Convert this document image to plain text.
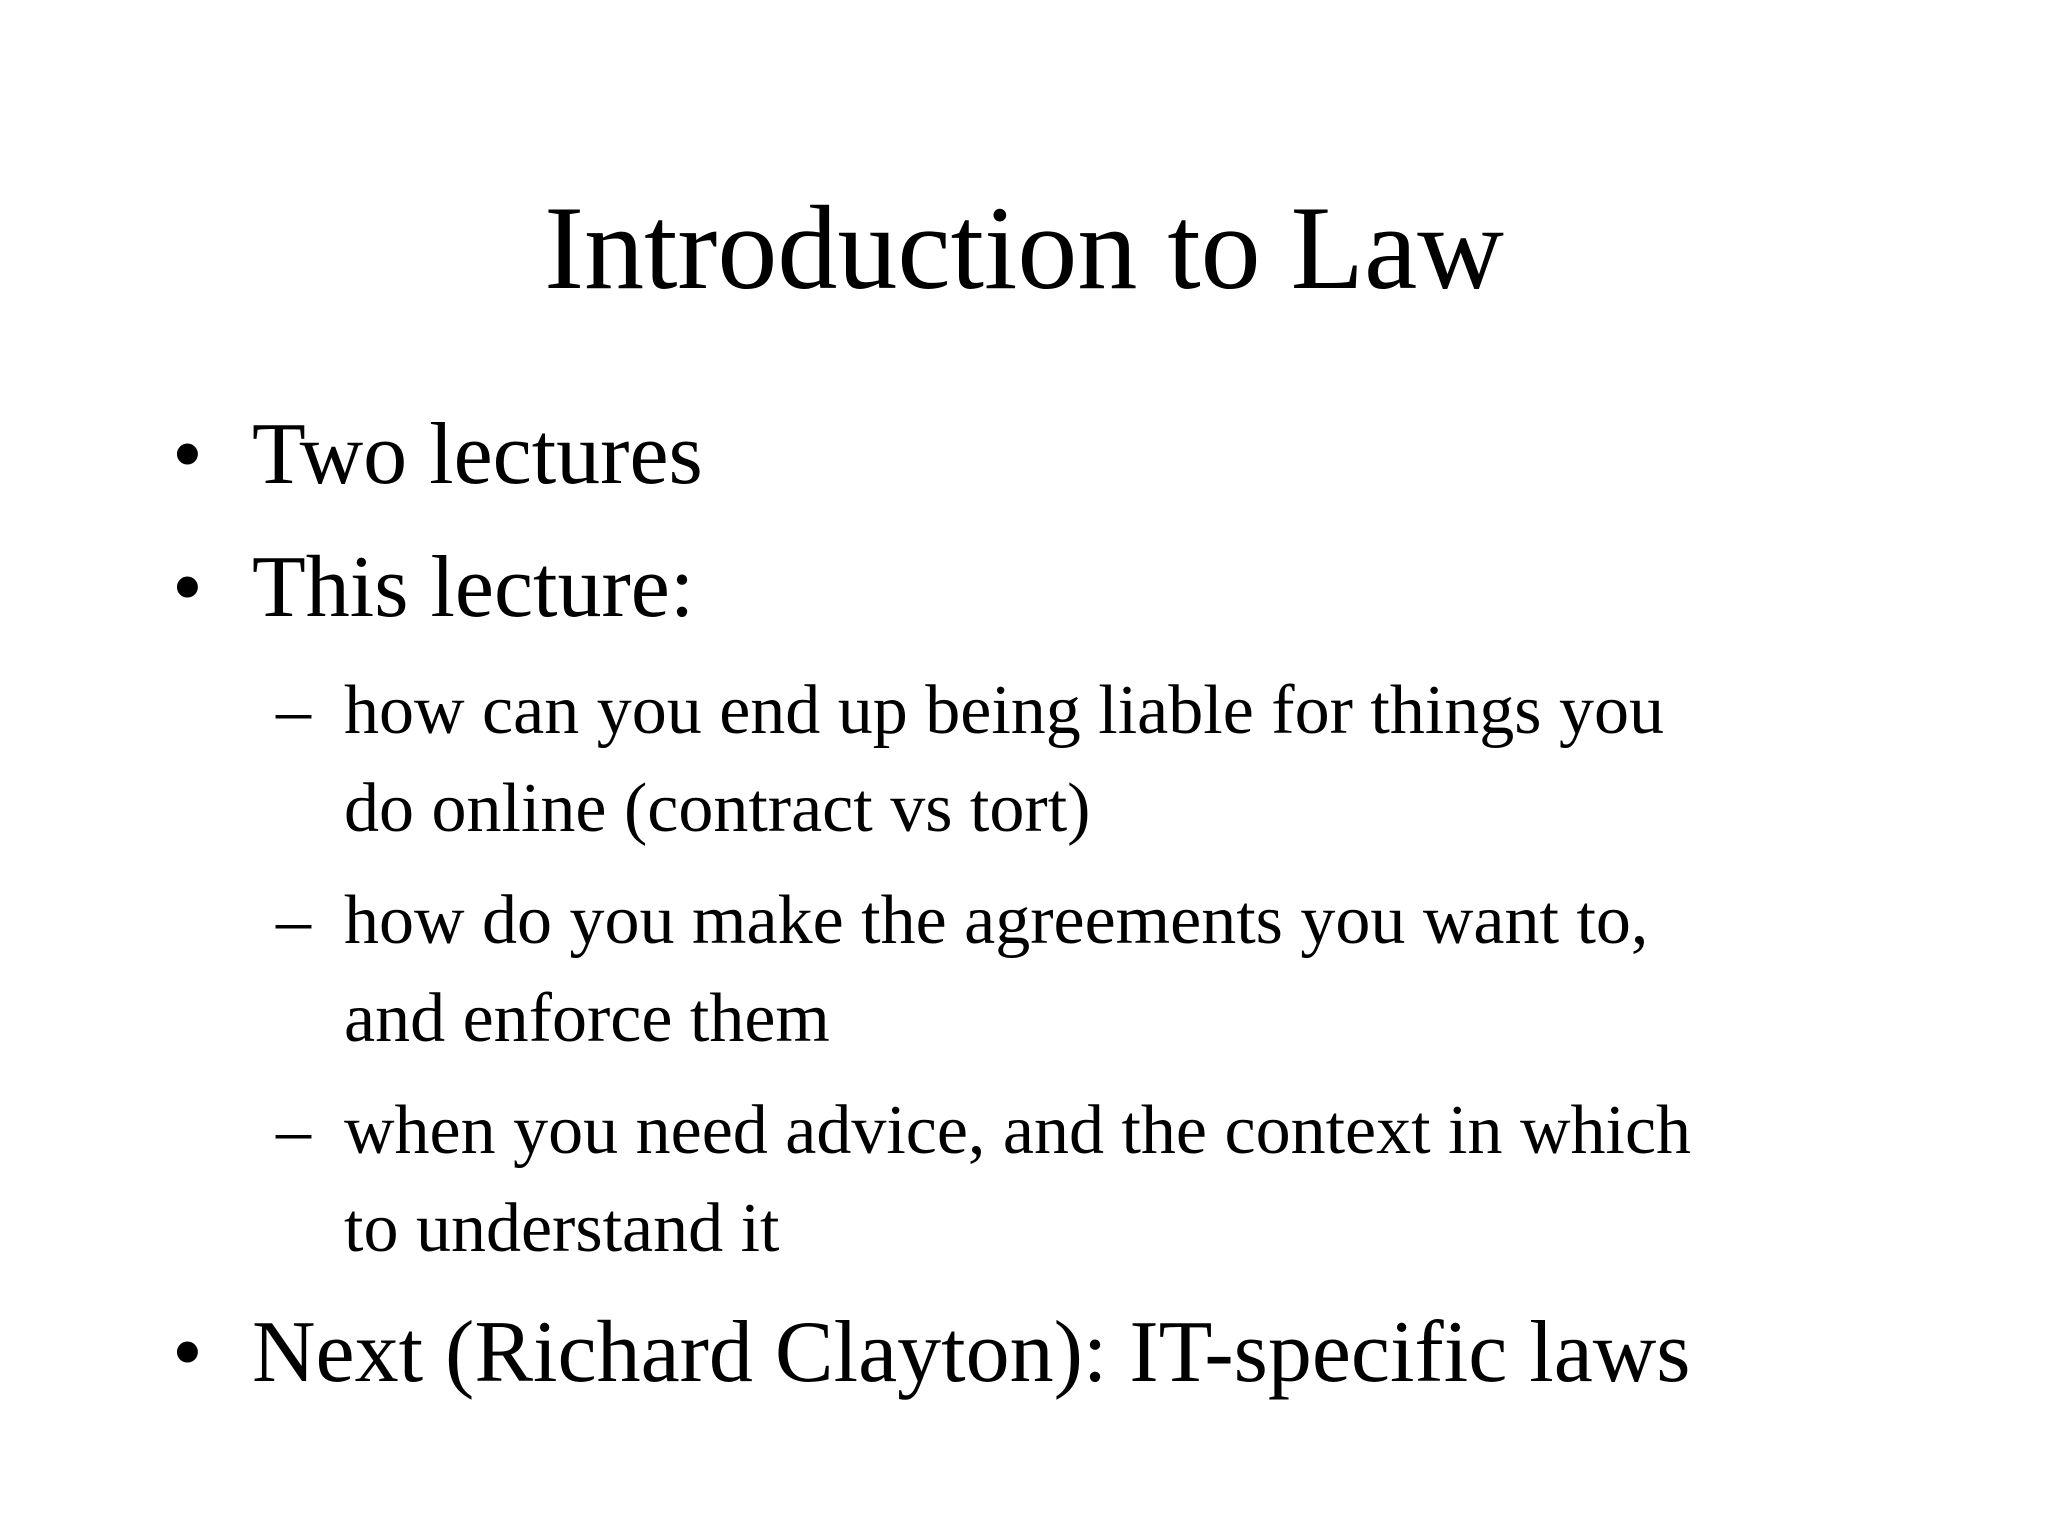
Introduction to Law
• Two lectures
• This lecture:
– how can you end up being liable for things you
do online (contract vs tort)
– how do you make the agreements you want to,
and enforce them
– when you need advice, and the context in which
to understand it
• Next (Richard Clayton): IT-specific laws
